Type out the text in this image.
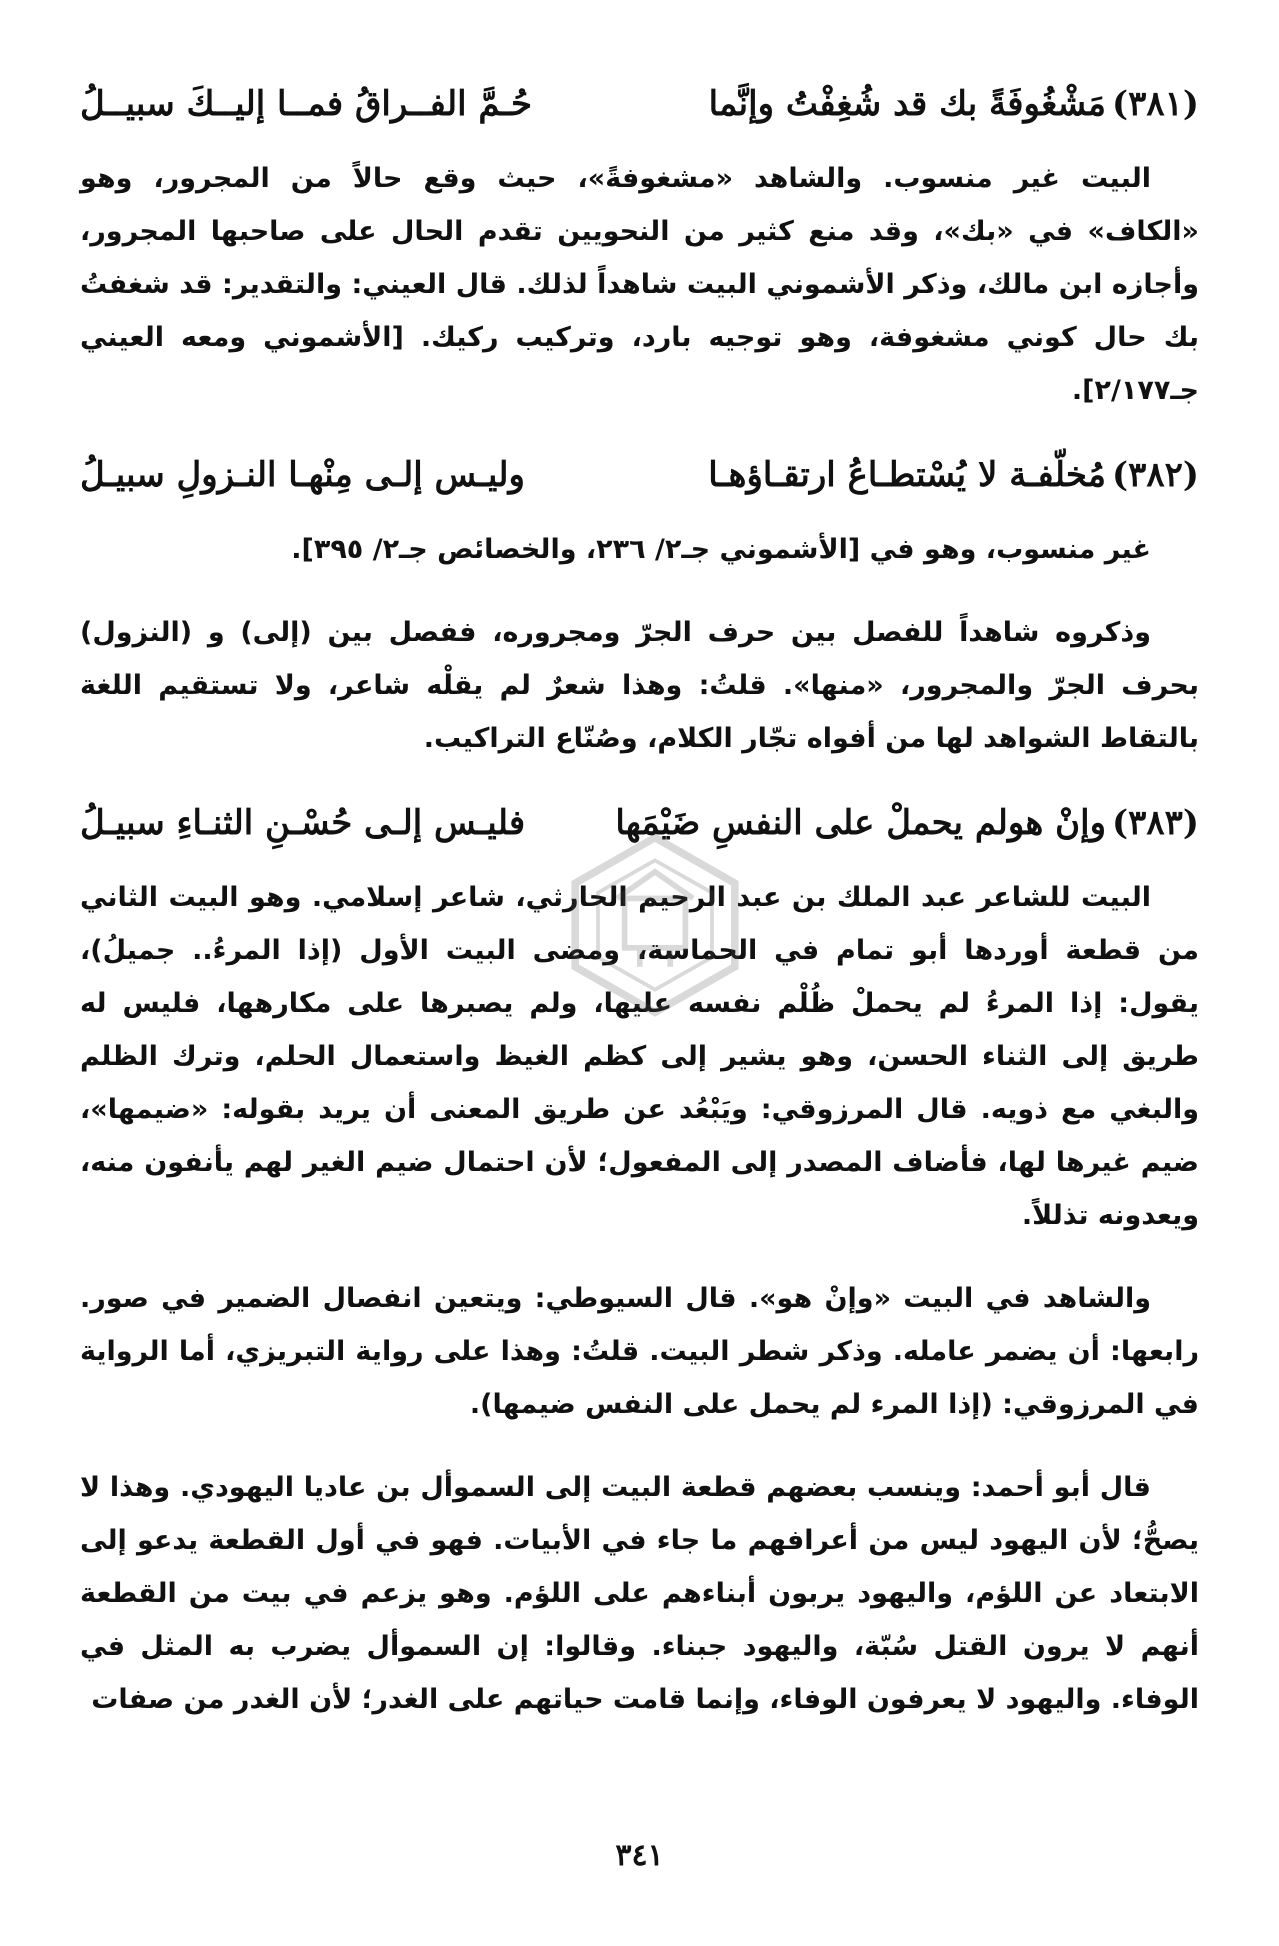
(٣٨١)
مَشْغُوفَةً بك قد شُغِفْتُ وإنَّما
حُـمَّ الفــراقُ فمــا إليــكَ سبيــلُ

البيت غير منسوب. والشاهد «مشغوفةً»، حيث وقع حالاً من المجرور، وهو «الكاف» في «بك»، وقد منع كثير من النحويين تقدم الحال على صاحبها المجرور، وأجازه ابن مالك، وذكر الأشموني البيت شاهداً لذلك. قال العيني: والتقدير: قد شغفتُ بك حال كوني مشغوفة، وهو توجيه بارد، وتركيب ركيك. [الأشموني ومعه العيني جـ٢/١٧٧].

(٣٨٢)
مُخلّفـة لا يُسْتطـاعُ ارتقـاؤهـا
وليـس إلـى مِنْهـا النـزولِ سبيـلُ

غير منسوب، وهو في [الأشموني جـ٢/ ٢٣٦، والخصائص جـ٢/ ٣٩٥].

وذكروه شاهداً للفصل بين حرف الجرّ ومجروره، ففصل بين (إلى) و (النزول) بحرف الجرّ والمجرور، «منها». قلتُ: وهذا شعرٌ لم يقلْه شاعر، ولا تستقيم اللغة بالتقاط الشواهد لها من أفواه تجّار الكلام، وصُنّاع التراكيب.

(٣٨٣)
وإنْ هولم يحملْ على النفسِ ضَيْمَها
فليـس إلـى حُسْـنِ الثنـاءِ سبيـلُ

البيت للشاعر عبد الملك بن عبد الرحيم الحارثي، شاعر إسلامي. وهو البيت الثاني من قطعة أوردها أبو تمام في الحماسة، ومضى البيت الأول (إذا المرءُ.. جميلُ)، يقول: إذا المرءُ لم يحملْ ظُلْم نفسه عليها، ولم يصبرها على مكارهها، فليس له طريق إلى الثناء الحسن، وهو يشير إلى كظم الغيظ واستعمال الحلم، وترك الظلم والبغي مع ذويه. قال المرزوقي: ويَبْعُد عن طريق المعنى أن يريد بقوله: «ضيمها»، ضيم غيرها لها، فأضاف المصدر إلى المفعول؛ لأن احتمال ضيم الغير لهم يأنفون منه، ويعدونه تذللاً.

والشاهد في البيت «وإنْ هو». قال السيوطي: ويتعين انفصال الضمير في صور. رابعها: أن يضمر عامله. وذكر شطر البيت. قلتُ: وهذا على رواية التبريزي، أما الرواية في المرزوقي: (إذا المرء لم يحمل على النفس ضيمها).

قال أبو أحمد: وينسب بعضهم قطعة البيت إلى السموأل بن عاديا اليهودي. وهذا لا يصحُّ؛ لأن اليهود ليس من أعرافهم ما جاء في الأبيات. فهو في أول القطعة يدعو إلى الابتعاد عن اللؤم، واليهود يربون أبناءهم على اللؤم. وهو يزعم في بيت من القطعة أنهم لا يرون القتل سُبّة، واليهود جبناء. وقالوا: إن السموأل يضرب به المثل في الوفاء. واليهود لا يعرفون الوفاء، وإنما قامت حياتهم على الغدر؛ لأن الغدر من صفات

٣٤١
